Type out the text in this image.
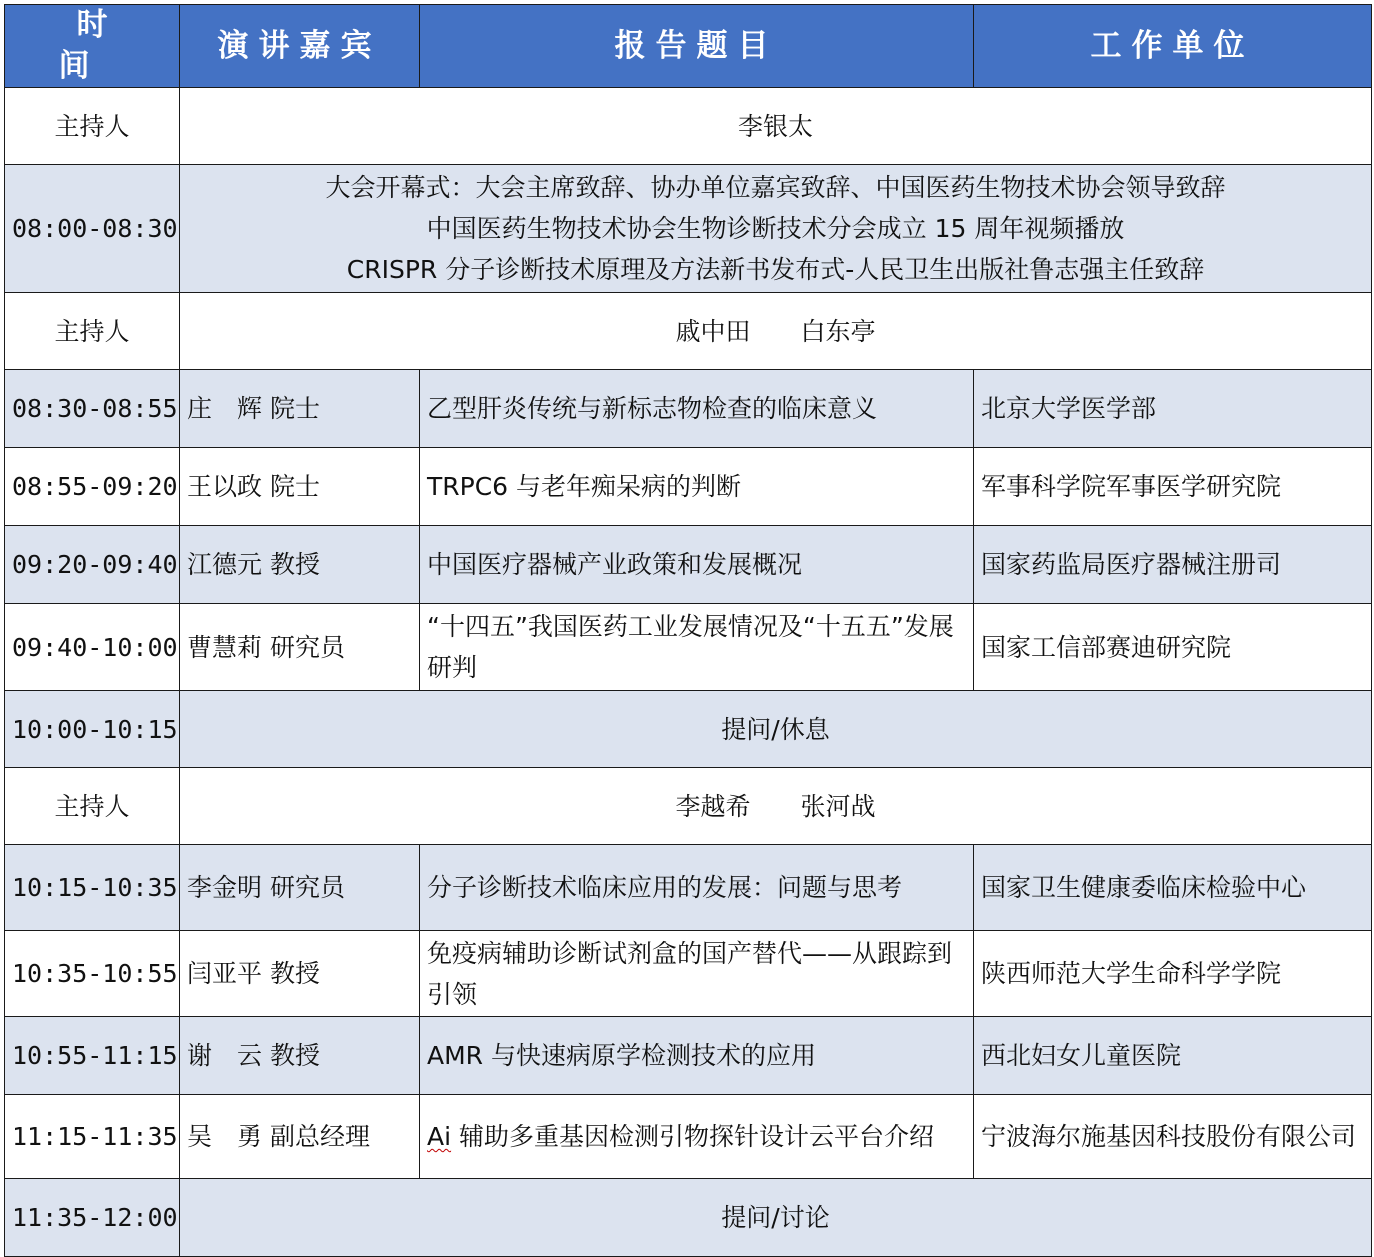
时 间	演讲嘉宾	报告题目	工作单位
主持人	李银太		
08:00-08:30	大会开幕式：大会主席致辞、协办单位嘉宾致辞、中国医药生物技术协会领导致辞
中国医药生物技术协会生物诊断技术分会成立 15 周年视频播放
CRISPR 分子诊断技术原理及方法新书发布式-人民卫生出版社鲁志强主任致辞		

主持人	戚中田　　白东亭		
08:30-08:55	庄　辉 院士	乙型肝炎传统与新标志物检查的临床意义	北京大学医学部
08:55-09:20	王以政 院士	TRPC6 与老年痴呆病的判断	军事科学院军事医学研究院
09:20-09:40	江德元 教授	中国医疗器械产业政策和发展概况	国家药监局医疗器械注册司
09:40-10:00	曹慧莉 研究员	“十四五”我国医药工业发展情况及“十五五”发展研判	国家工信部赛迪研究院
10:00-10:15	提问/休息		
主持人	李越希　　张河战		
10:15-10:35	李金明 研究员	分子诊断技术临床应用的发展：问题与思考	国家卫生健康委临床检验中心
10:35-10:55	闫亚平 教授	免疫病辅助诊断试剂盒的国产替代——从跟踪到引领	陕西师范大学生命科学学院
10:55-11:15	谢　云 教授	AMR 与快速病原学检测技术的应用	西北妇女儿童医院
11:15-11:35	吴　勇 副总经理	Ai 辅助多重基因检测引物探针设计云平台介绍	宁波海尔施基因科技股份有限公司
11:35-12:00	提问/讨论		
